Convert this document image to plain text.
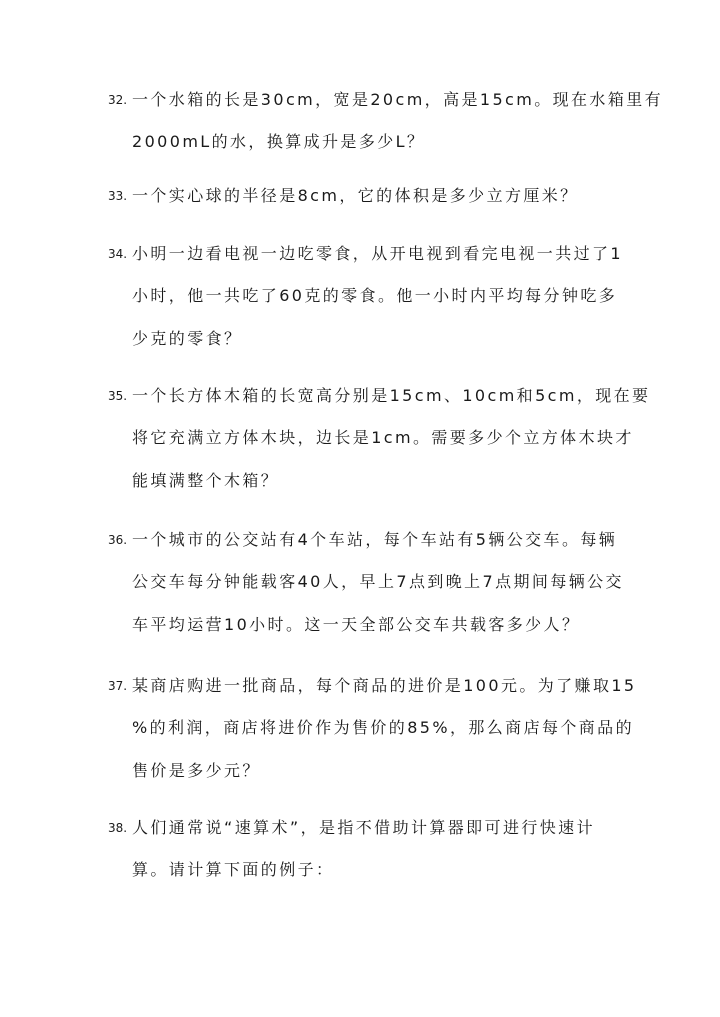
32. 一个水箱的长是30cm，宽是20cm，高是15cm。现在水箱里有
2000mL的水，换算成升是多少L？
33. 一个实心球的半径是8cm，它的体积是多少立方厘米？
34. 小明一边看电视一边吃零食，从开电视到看完电视一共过了1
小时，他一共吃了60克的零食。他一小时内平均每分钟吃多
少克的零食？
35. 一个长方体木箱的长宽高分别是15cm、10cm和5cm，现在要
将它充满立方体木块，边长是1cm。需要多少个立方体木块才
能填满整个木箱？
36. 一个城市的公交站有4个车站，每个车站有5辆公交车。每辆
公交车每分钟能载客40人，早上7点到晚上7点期间每辆公交
车平均运营10小时。这一天全部公交车共载客多少人？
37. 某商店购进一批商品，每个商品的进价是100元。为了赚取15
%的利润，商店将进价作为售价的85%，那么商店每个商品的
售价是多少元？
38. 人们通常说“速算术”，是指不借助计算器即可进行快速计
算。请计算下面的例子：
